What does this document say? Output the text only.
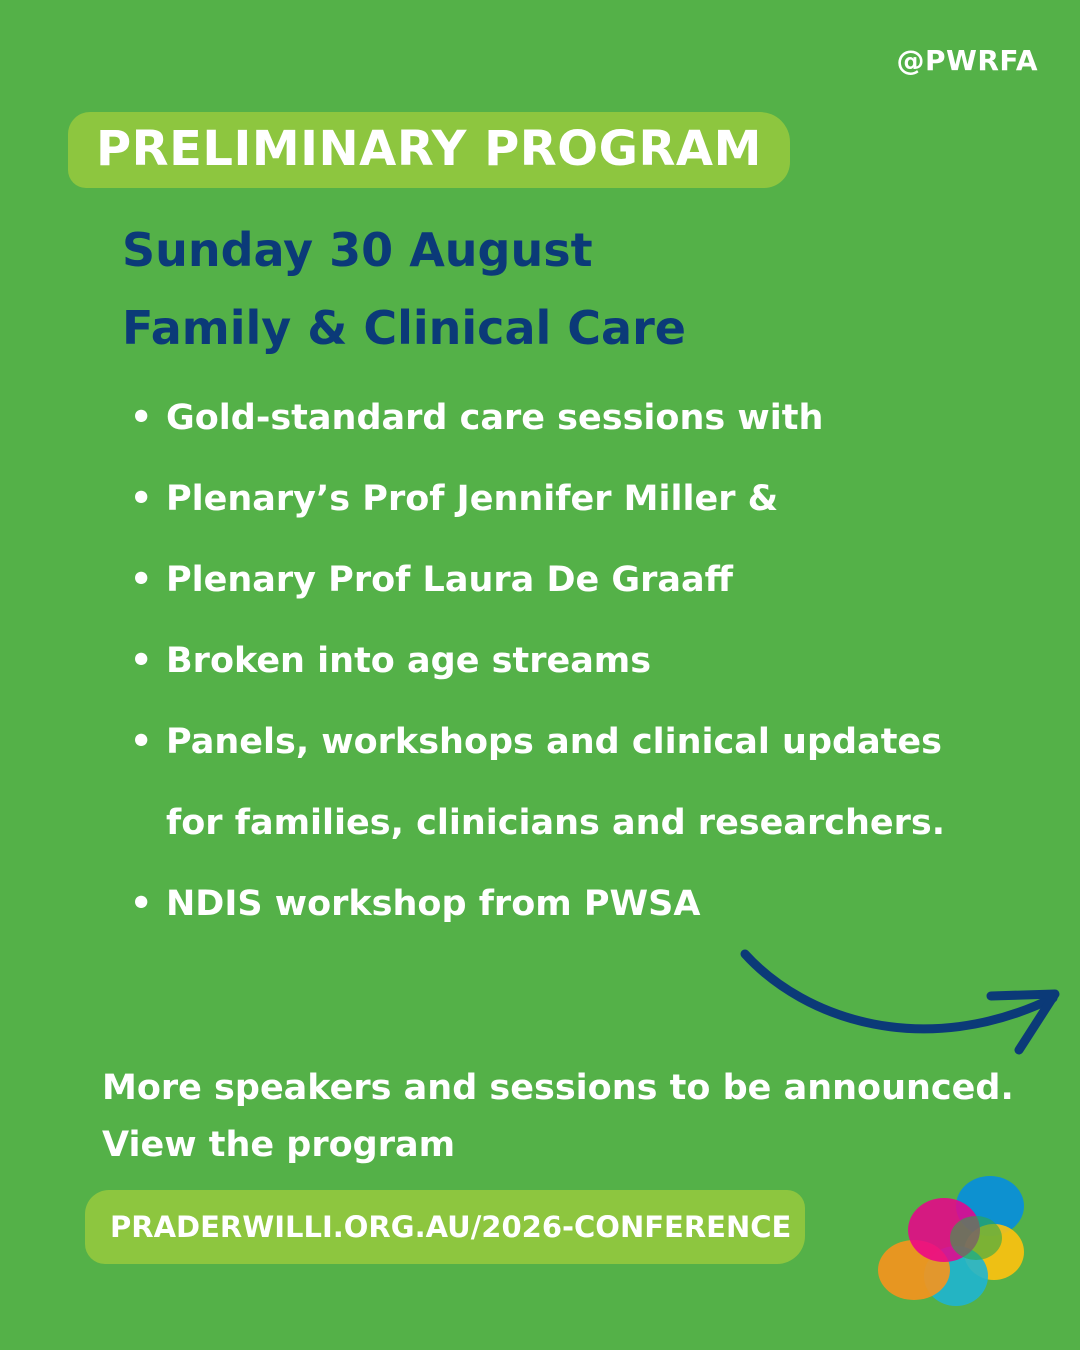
@PWRFA
PRELIMINARY PROGRAM
Sunday 30 August
Family & Clinical Care
• Gold-standard care sessions with
• Plenary’s Prof Jennifer Miller &
• Plenary Prof Laura De Graaff
• Broken into age streams
• Panels, workshops and clinical updates
for families, clinicians and researchers.
• NDIS workshop from PWSA
More speakers and sessions to be announced.
View the program
PRADERWILLI.ORG.AU/2026-CONFERENCE
